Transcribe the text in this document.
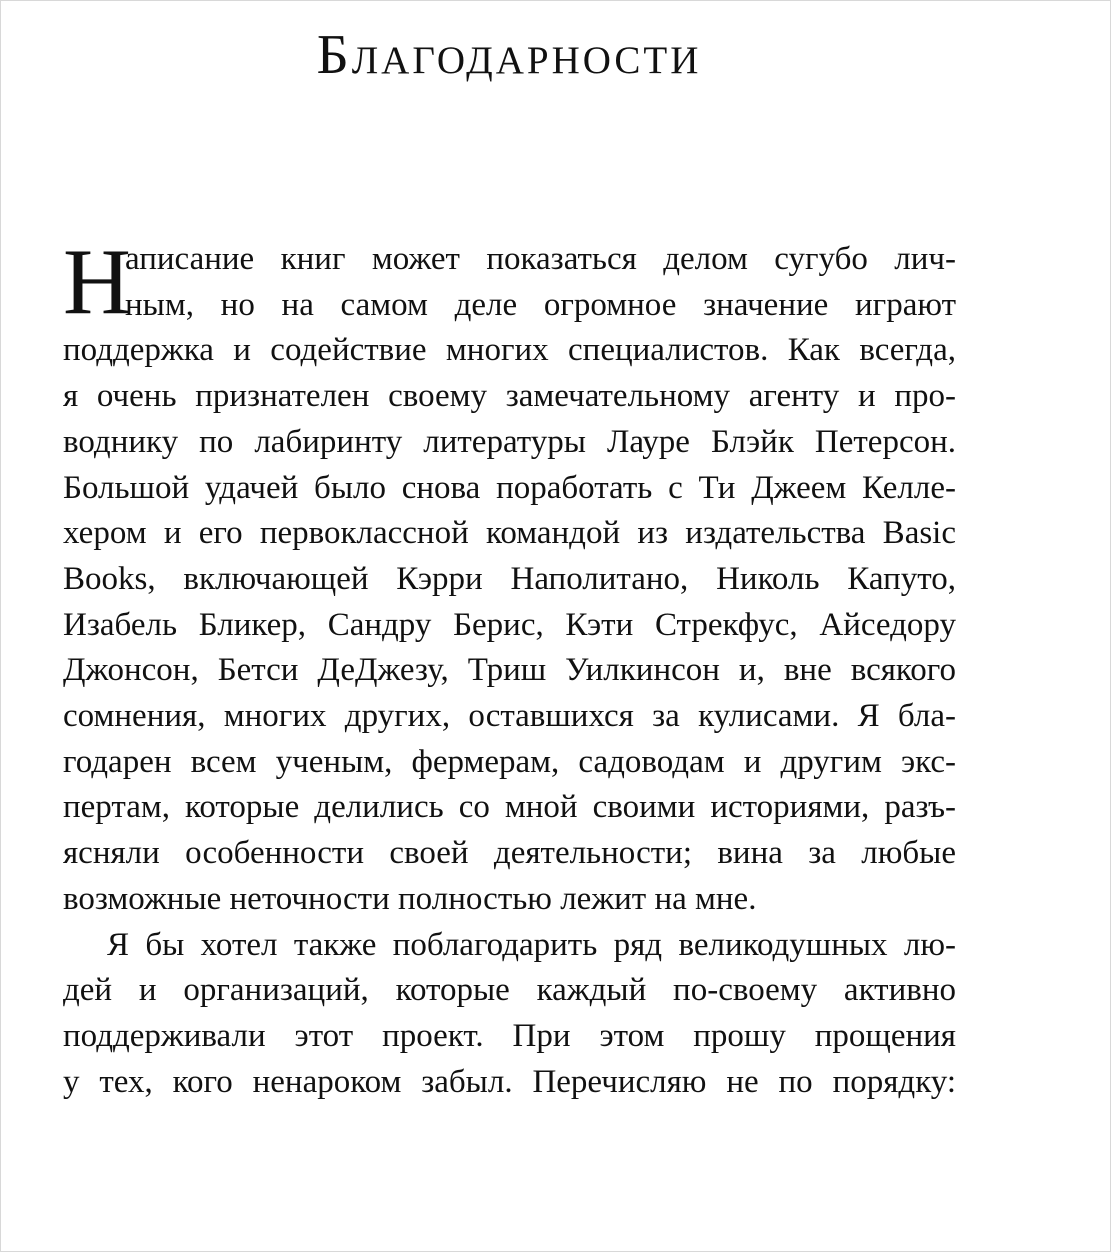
Благодарности
Н
аписание книг может показаться делом сугубо лич-
ным, но на самом деле огромное значение играют
поддержка и содействие многих специалистов. Как всегда,
я очень признателен своему замечательному агенту и про-
воднику по лабиринту литературы Лауре Блэйк Петерсон.
Большой удачей было снова поработать с Ти Джеем Келле-
хером и его первоклассной командой из издательства Basic
Books, включающей Кэрри Наполитано, Николь Капуто,
Изабель Бликер, Сандру Берис, Кэти Стрекфус, Айседору
Джонсон, Бетси ДеДжезу, Триш Уилкинсон и, вне всякого
сомнения, многих других, оставшихся за кулисами. Я бла-
годарен всем ученым, фермерам, садоводам и другим экс-
пертам, которые делились со мной своими историями, разъ-
ясняли особенности своей деятельности; вина за любые
возможные неточности полностью лежит на мне.
Я бы хотел также поблагодарить ряд великодушных лю-
дей и организаций, которые каждый по-своему активно
поддерживали этот проект. При этом прошу прощения
у тех, кого ненароком забыл. Перечисляю не по порядку:
